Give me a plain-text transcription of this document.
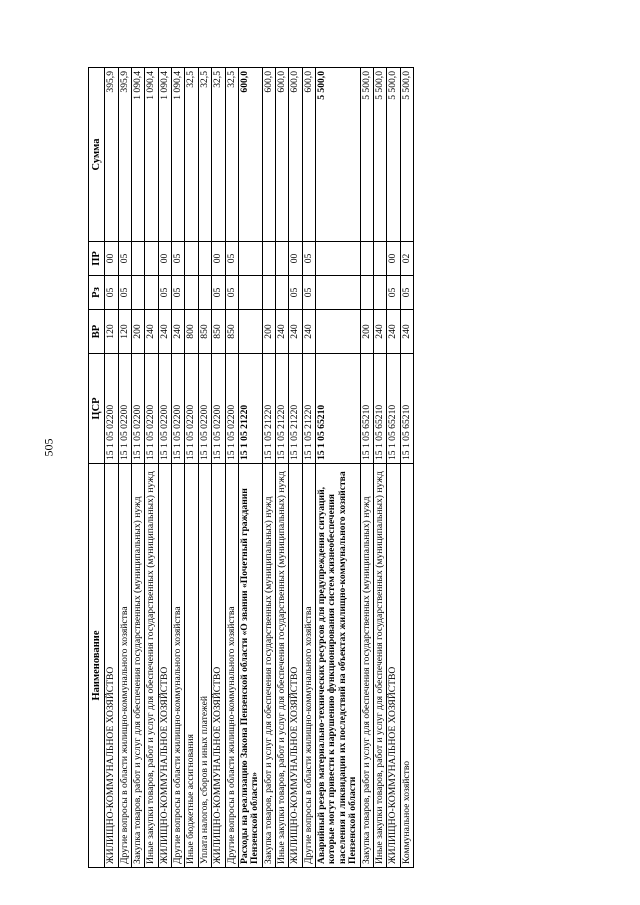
505
Наименование	ЦСР	ВР	Рз	ПР	Сумма
ЖИЛИЩНО-КОММУНАЛЬНОЕ ХОЗЯЙСТВО	15 1 05 02200	120	05	00	395,9
Другие вопросы в области жилищно-коммунального хозяйства	15 1 05 02200	120	05	05	395,9
Закупка товаров, работ и услуг для обеспечения государственных (муниципальных) нужд	15 1 05 02200	200			1 090,4
Иные закупки товаров, работ и услуг для обеспечения государственных (муниципальных) нужд	15 1 05 02200	240			1 090,4
ЖИЛИЩНО-КОММУНАЛЬНОЕ ХОЗЯЙСТВО	15 1 05 02200	240	05	00	1 090,4
Другие вопросы в области жилищно-коммунального хозяйства	15 1 05 02200	240	05	05	1 090,4
Иные бюджетные ассигнования	15 1 05 02200	800			32,5
Уплата налогов, сборов и иных платежей	15 1 05 02200	850			32,5
ЖИЛИЩНО-КОММУНАЛЬНОЕ ХОЗЯЙСТВО	15 1 05 02200	850	05	00	32,5
Другие вопросы в области жилищно-коммунального хозяйства	15 1 05 02200	850	05	05	32,5
Расходы на реализацию Закона Пензенской области «О звании «Почетный гражданин Пензенской области»	15 1 05 21220				600,0
Закупка товаров, работ и услуг для обеспечения государственных (муниципальных) нужд	15 1 05 21220	200			600,0
Иные закупки товаров, работ и услуг для обеспечения государственных (муниципальных) нужд	15 1 05 21220	240			600,0
ЖИЛИЩНО-КОММУНАЛЬНОЕ ХОЗЯЙСТВО	15 1 05 21220	240	05	00	600,0
Другие вопросы в области жилищно-коммунального хозяйства	15 1 05 21220	240	05	05	600,0
Аварийный резерв материально-технических ресурсов для предупреждения ситуаций, которые могут привести к нарушению функционирования систем жизнеобеспечения населения и ликвидации их последствий на объектах жилищно-коммунального хозяйства Пензенской области	15 1 05 65210				5 500,0
Закупка товаров, работ и услуг для обеспечения государственных (муниципальных) нужд	15 1 05 65210	200			5 500,0
Иные закупки товаров, работ и услуг для обеспечения государственных (муниципальных) нужд	15 1 05 65210	240			5 500,0
ЖИЛИЩНО-КОММУНАЛЬНОЕ ХОЗЯЙСТВО	15 1 05 65210	240	05	00	5 500,0
Коммунальное хозяйство	15 1 05 65210	240	05	02	5 500,0
